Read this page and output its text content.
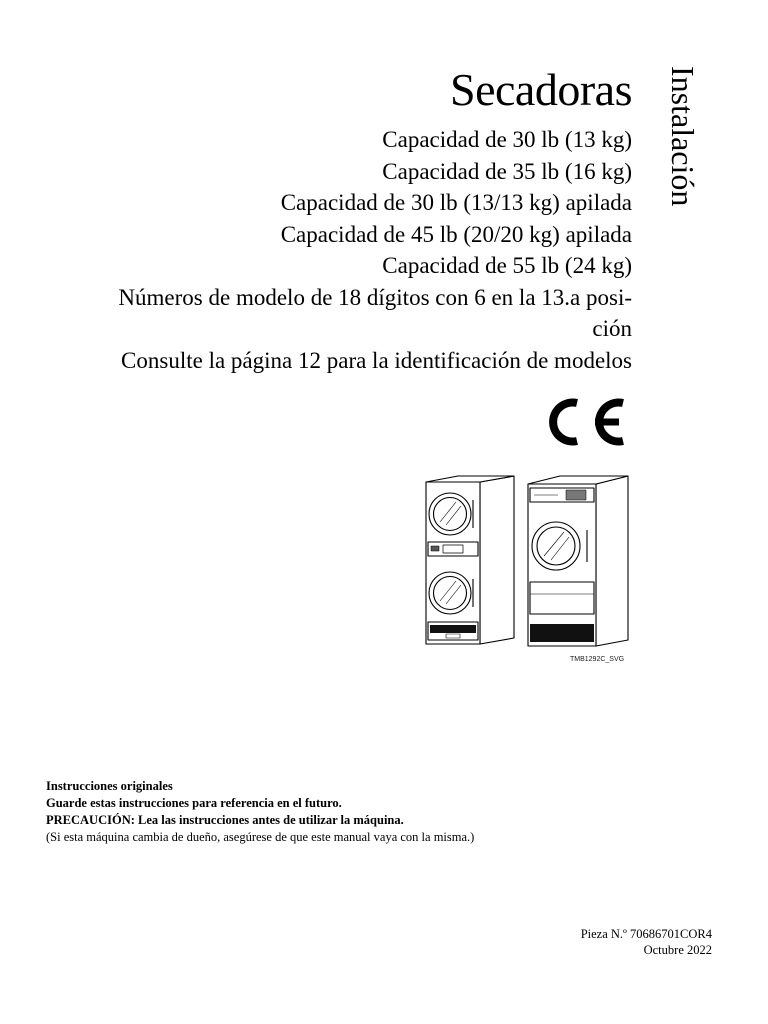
Secadoras Instalación
Capacidad de 30 lb (13 kg)
Capacidad de 35 lb (16 kg)
Capacidad de 30 lb (13/13 kg) apilada
Capacidad de 45 lb (20/20 kg) apilada
Capacidad de 55 lb (24 kg)
Números de modelo de 18 dígitos con 6 en la 13.a posi-
ción
Consulte la página 12 para la identificación de modelos
TMB1292C_SVG
Instrucciones originales
Guarde estas instrucciones para referencia en el futuro.
PRECAUCIÓN: Lea las instrucciones antes de utilizar la máquina.
(Si esta máquina cambia de dueño, asegúrese de que este manual vaya con la misma.)
Pieza N.º 70686701COR4
Octubre 2022
